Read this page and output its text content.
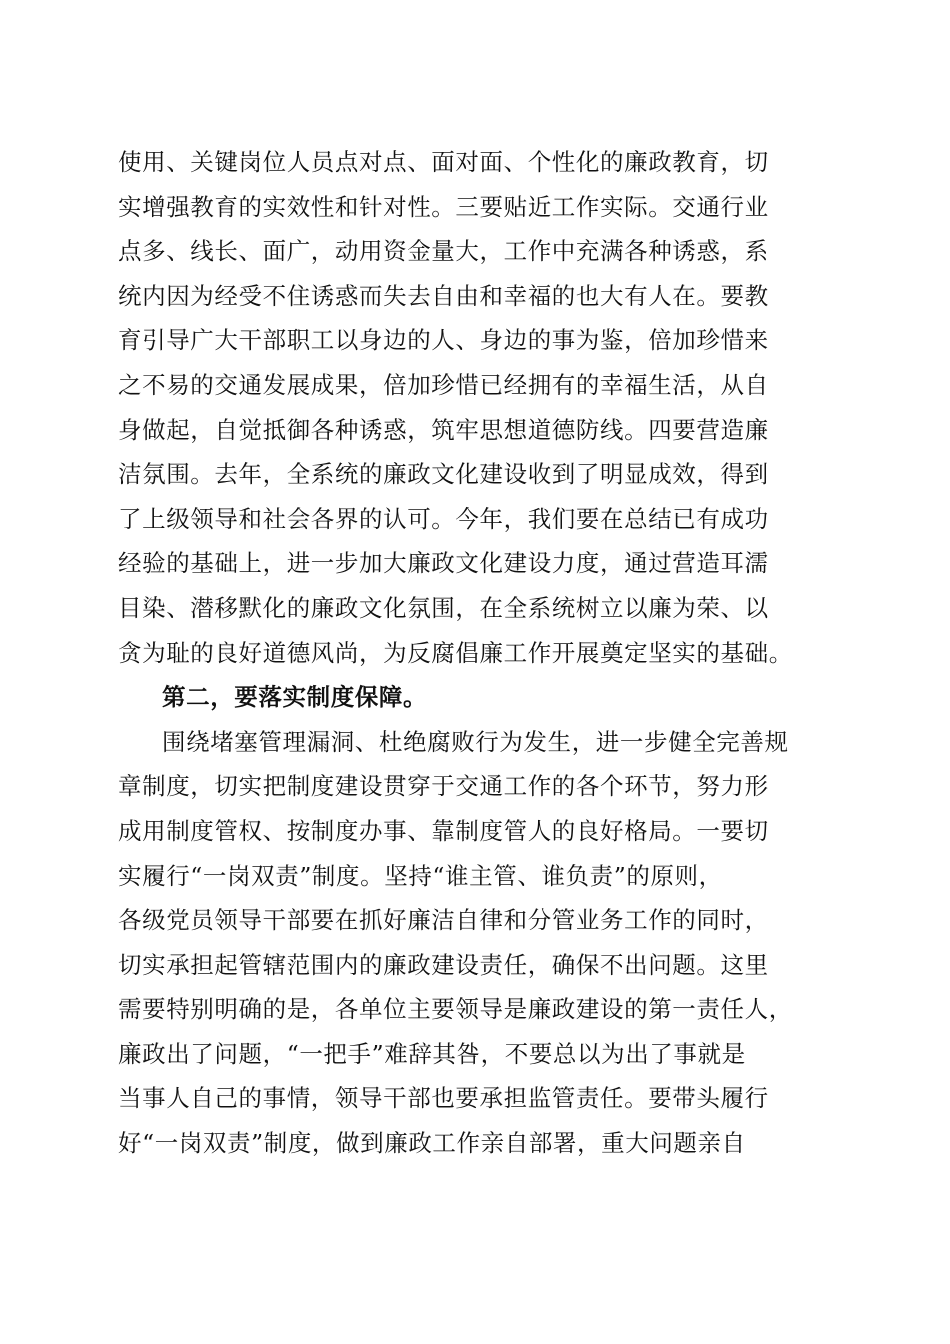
使用、关键岗位人员点对点、面对面、个性化的廉政教育，切
实增强教育的实效性和针对性。三要贴近工作实际。交通行业
点多、线长、面广，动用资金量大，工作中充满各种诱惑，系
统内因为经受不住诱惑而失去自由和幸福的也大有人在。要教
育引导广大干部职工以身边的人、身边的事为鉴，倍加珍惜来
之不易的交通发展成果，倍加珍惜已经拥有的幸福生活，从自
身做起，自觉抵御各种诱惑，筑牢思想道德防线。四要营造廉
洁氛围。去年，全系统的廉政文化建设收到了明显成效，得到
了上级领导和社会各界的认可。今年，我们要在总结已有成功
经验的基础上，进一步加大廉政文化建设力度，通过营造耳濡
目染、潜移默化的廉政文化氛围，在全系统树立以廉为荣、以
贪为耻的良好道德风尚，为反腐倡廉工作开展奠定坚实的基础。
第二，要落实制度保障。
围绕堵塞管理漏洞、杜绝腐败行为发生，进一步健全完善规
章制度，切实把制度建设贯穿于交通工作的各个环节，努力形
成用制度管权、按制度办事、靠制度管人的良好格局。一要切
实履行“一岗双责”制度。坚持“谁主管、谁负责”的原则，
各级党员领导干部要在抓好廉洁自律和分管业务工作的同时，
切实承担起管辖范围内的廉政建设责任，确保不出问题。这里
需要特别明确的是，各单位主要领导是廉政建设的第一责任人，
廉政出了问题，“一把手”难辞其咎，不要总以为出了事就是
当事人自己的事情，领导干部也要承担监管责任。要带头履行
好“一岗双责”制度，做到廉政工作亲自部署，重大问题亲自
